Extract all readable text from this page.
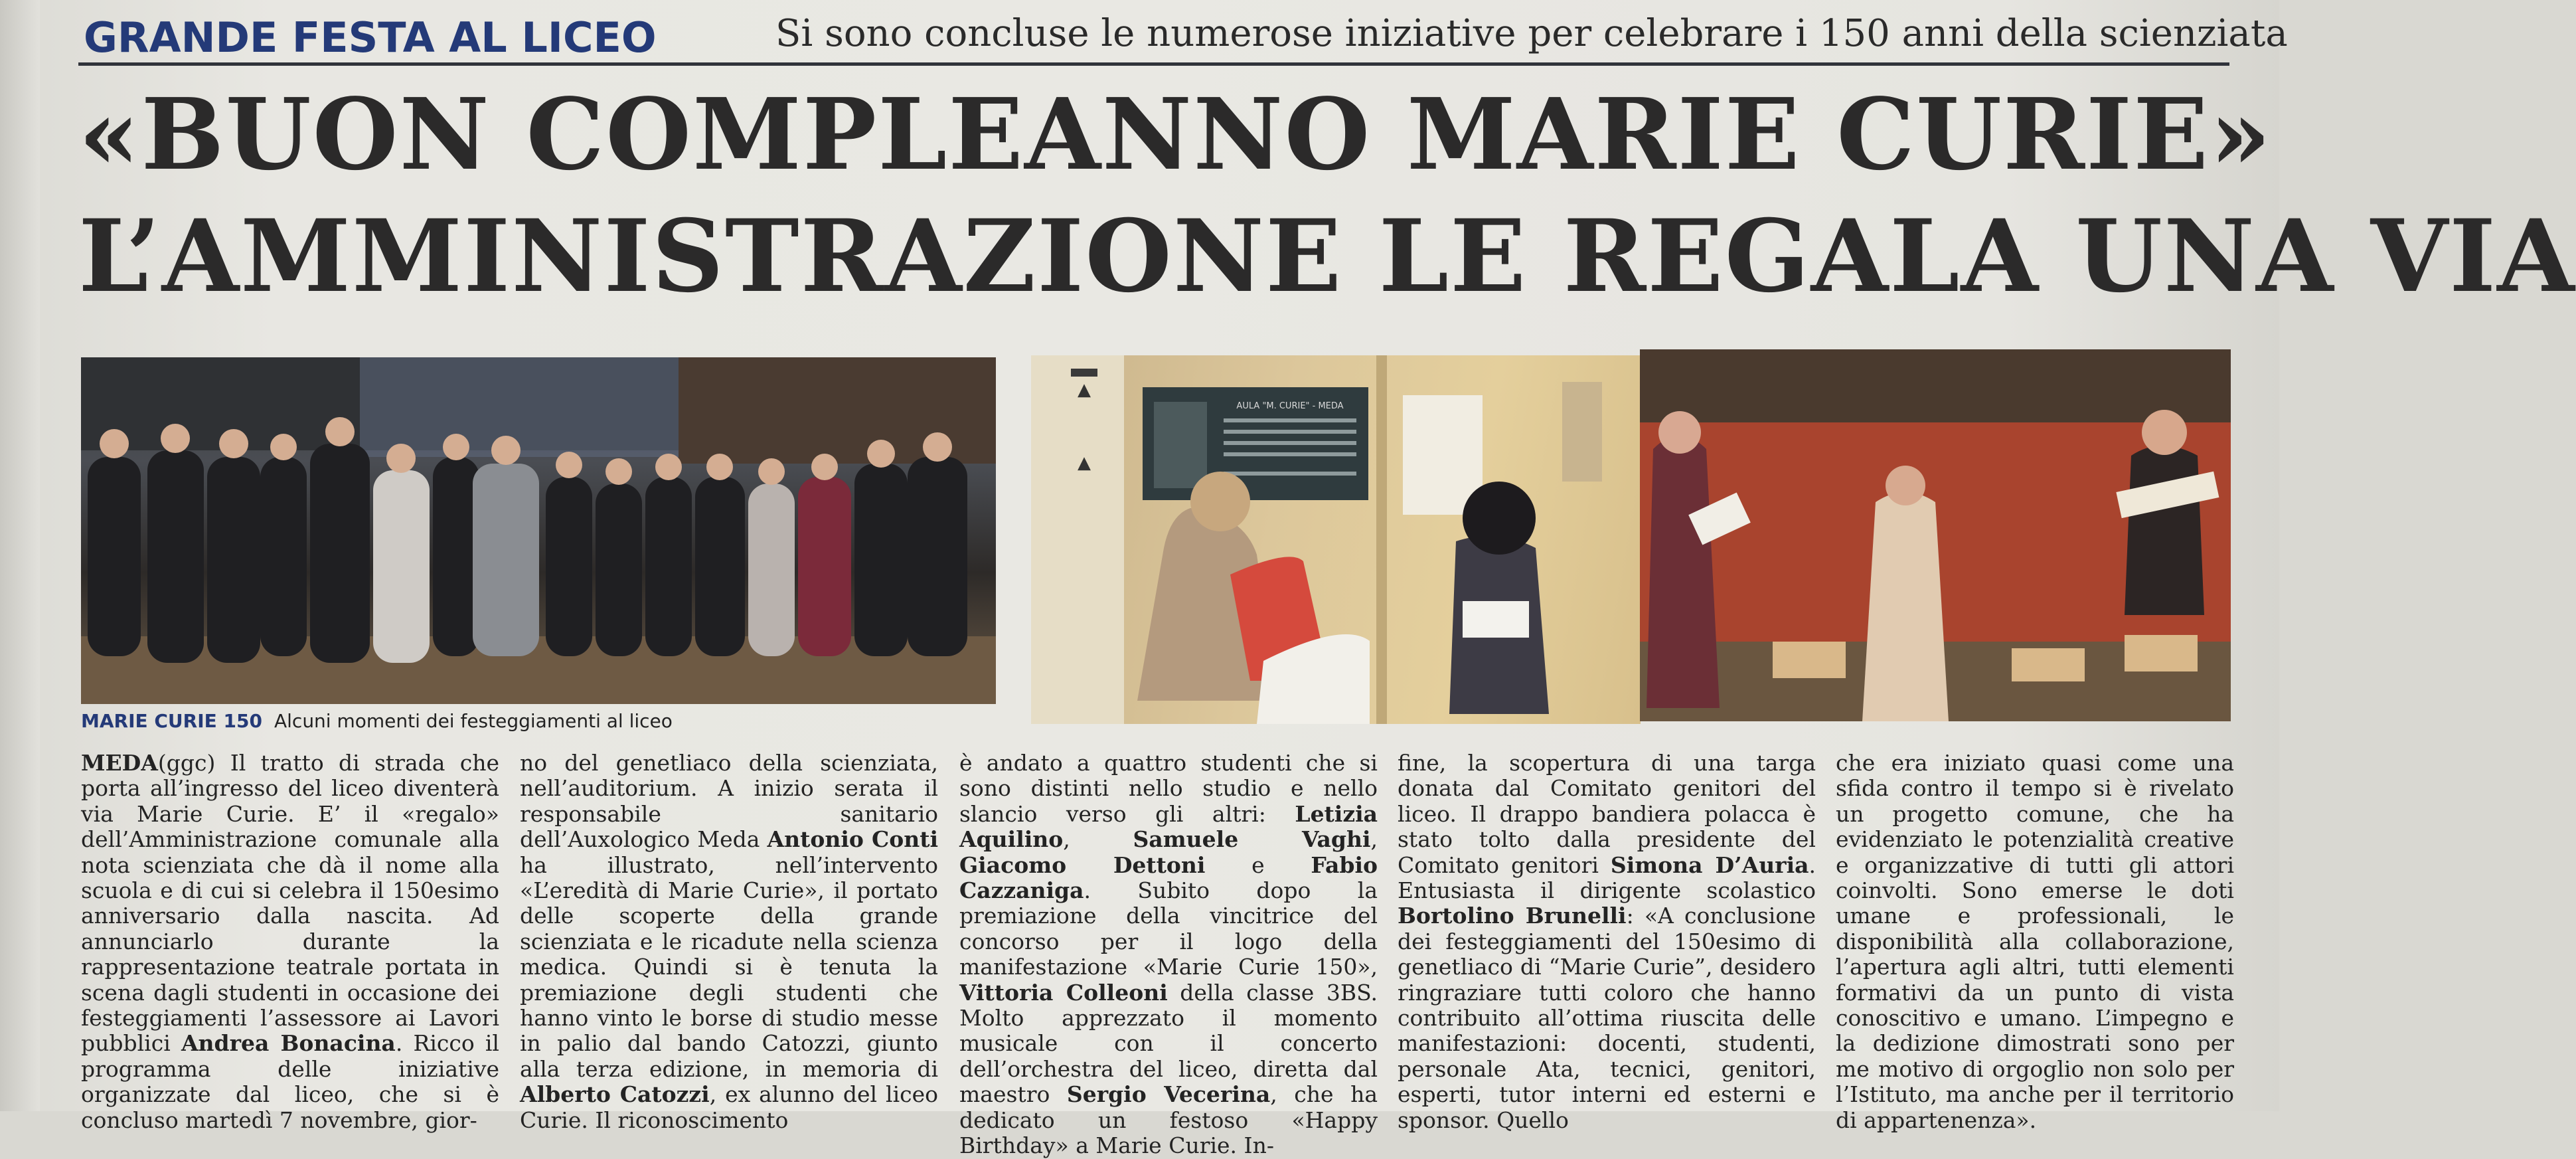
GRANDE FESTA AL LICEO	Si sono concluse le numerose iniziative per celebrare i 150 anni della scienziata
«BUON COMPLEANNO MARIE CURIE»
L’AMMINISTRAZIONE LE REGALA UNA VIA
▲
▲
AULA "M. CURIE" - MEDA
MARIE CURIE 150 Alcuni momenti dei festeggiamenti al liceo
MEDA(ggc) Il tratto di strada che porta all’ingresso del liceo diventerà via Marie Curie. E’ il «regalo» dell’Amministrazione comunale alla nota scienziata che dà il nome alla scuola e di cui si celebra il 150esimo anniversario dalla nascita. Ad annunciarlo durante la rappresentazione teatrale portata in scena dagli studenti in occasione dei festeggiamenti l’assessore ai Lavori pubblici Andrea Bonacina. Ricco il programma delle iniziative organizzate dal liceo, che si è concluso martedì 7 novembre, gior-
no del genetliaco della scienziata, nell’auditorium. A inizio serata il responsabile sanitario dell’Auxologico Meda Antonio Conti ha illustrato, nell’intervento «L’eredità di Marie Curie», il portato delle scoperte della grande scienziata e le ricadute nella scienza medica. Quindi si è tenuta la premiazione degli studenti che hanno vinto le borse di studio messe in palio dal bando Catozzi, giunto alla terza edizione, in memoria di Alberto Catozzi, ex alunno del liceo Curie. Il riconoscimento
è andato a quattro studenti che si sono distinti nello studio e nello slancio verso gli altri: Letizia Aquilino, Samuele Vaghi, Giacomo Dettoni e Fabio Cazzaniga. Subito dopo la premiazione della vincitrice del concorso per il logo della manifestazione «Marie Curie 150», Vittoria Colleoni della classe 3BS. Molto apprezzato il momento musicale con il concerto dell’orchestra del liceo, diretta dal maestro Sergio Vecerina, che ha dedicato un festoso «Happy Birthday» a Marie Curie. In-
fine, la scopertura di una targa donata dal Comitato genitori del liceo. Il drappo bandiera polacca è stato tolto dalla presidente del Comitato genitori Simona D’Auria. Entusiasta il dirigente scolastico Bortolino Brunelli: «A conclusione dei festeggiamenti del 150esimo di genetliaco di “Marie Curie”, desidero ringraziare tutti coloro che hanno contribuito all’ottima riuscita delle manifestazioni: docenti, studenti, personale Ata, tecnici, genitori, esperti, tutor interni ed esterni e sponsor. Quello
che era iniziato quasi come una sfida contro il tempo si è rivelato un progetto comune, che ha evidenziato le potenzialità creative e organizzative di tutti gli attori coinvolti. Sono emerse le doti umane e professionali, le disponibilità alla collaborazione, l’apertura agli altri, tutti elementi formativi da un punto di vista conoscitivo e umano. L’impegno e la dedizione dimostrati sono per me motivo di orgoglio non solo per l’Istituto, ma anche per il territorio di appartenenza».
